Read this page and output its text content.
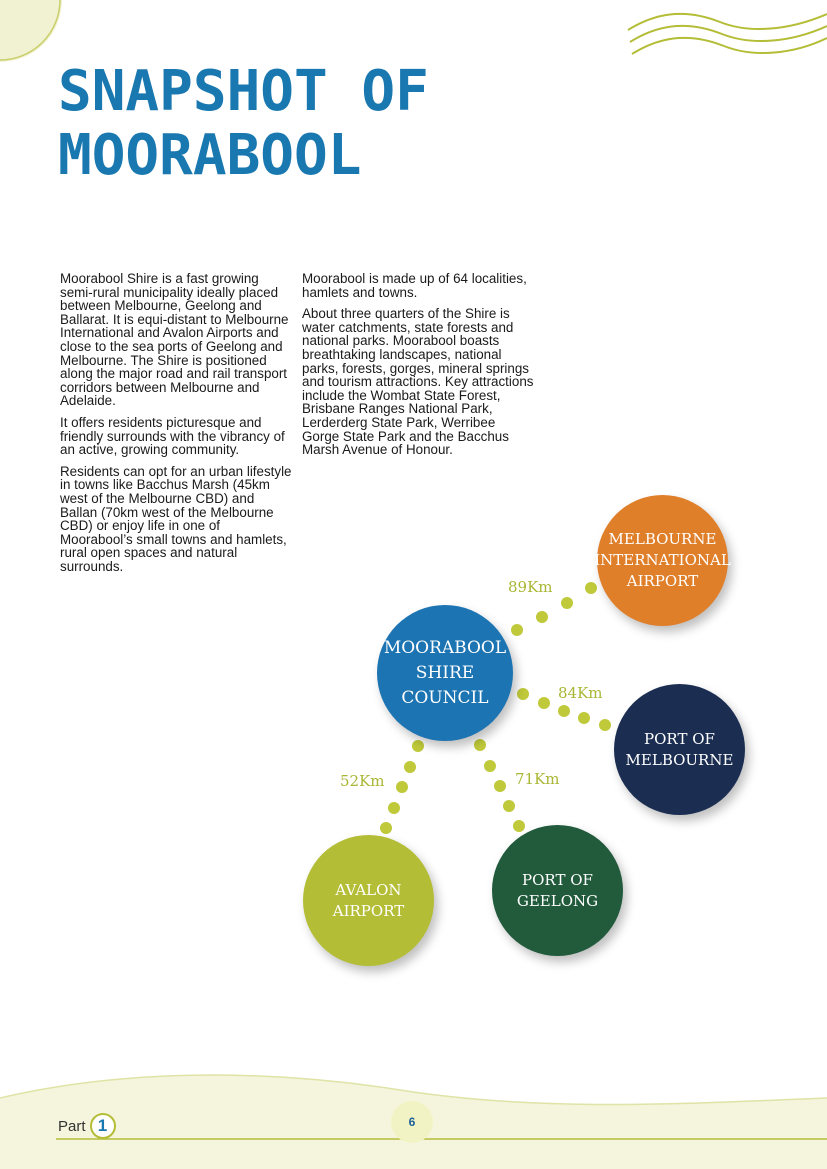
SNAPSHOT OF
MOORABOOL

Moorabool Shire is a fast growing semi-rural municipality ideally placed between Melbourne, Geelong and Ballarat. It is equi-distant to Melbourne International and Avalon Airports and close to the sea ports of Geelong and Melbourne. The Shire is positioned along the major road and rail transport corridors between Melbourne and Adelaide.

It offers residents picturesque and friendly surrounds with the vibrancy of an active, growing community.

Residents can opt for an urban lifestyle in towns like Bacchus Marsh (45km west of the Melbourne CBD) and Ballan (70km west of the Melbourne CBD) or enjoy life in one of Moorabool’s small towns and hamlets, rural open spaces and natural surrounds.

Moorabool is made up of 64 localities, hamlets and towns.

About three quarters of the Shire is water catchments, state forests and national parks. Moorabool boasts breathtaking landscapes, national parks, forests, gorges, mineral springs and tourism attractions. Key attractions include the Wombat State Forest, Brisbane Ranges National Park, Lerderderg State Park, Werribee Gorge State Park and the Bacchus Marsh Avenue of Honour.

89Km
84Km
71Km
52Km
MOORABOOL
SHIRE
COUNCIL
MELBOURNE
INTERNATIONAL
AIRPORT
PORT OF
MELBOURNE
PORT OF
GEELONG
AVALON
AIRPORT
Part 1	6
